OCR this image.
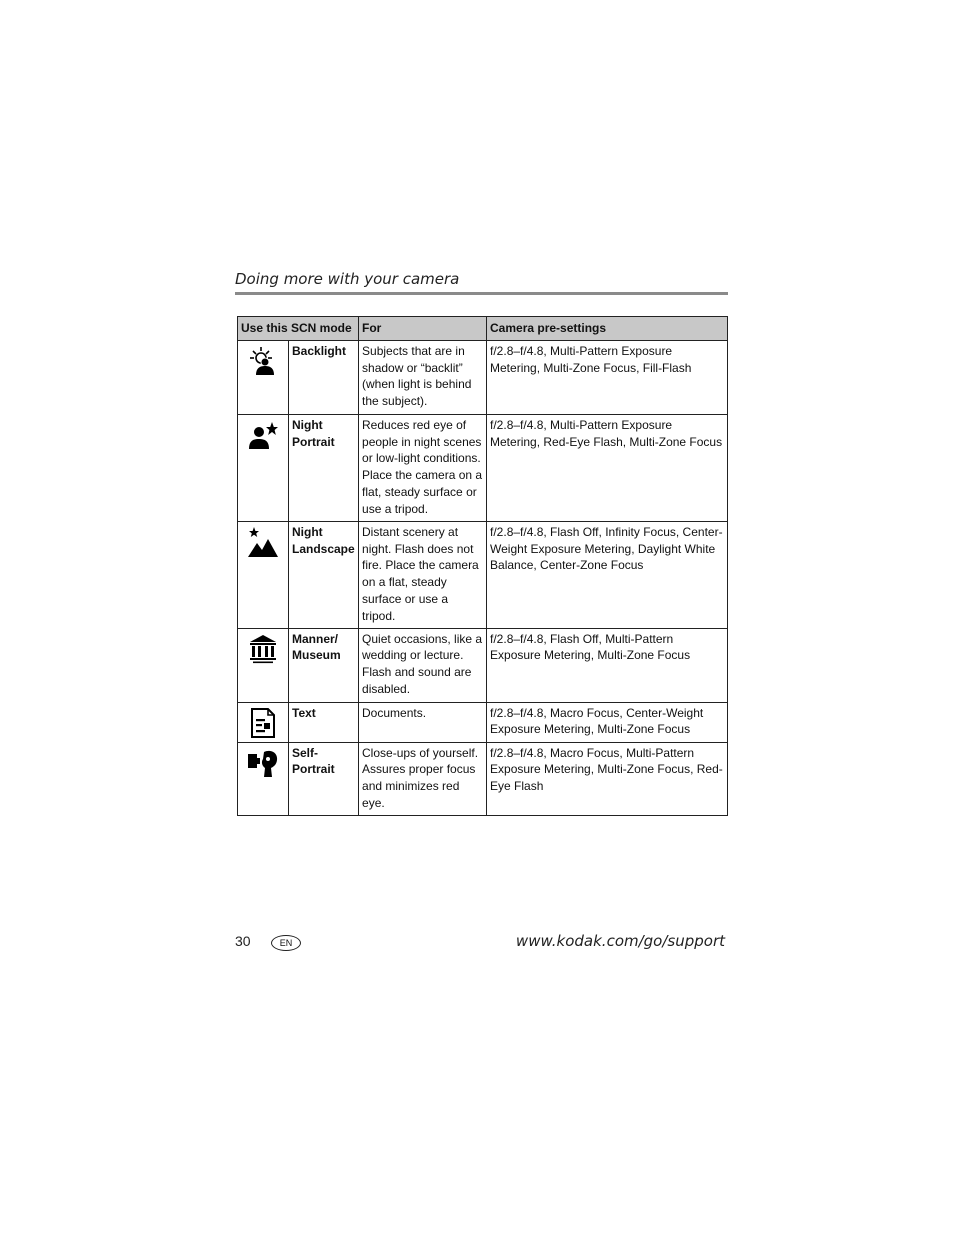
Doing more with your camera
Use this SCN mode		For	Camera pre-settings

	Backlight	Subjects that are in shadow or “backlit” (when light is behind the subject).	f/2.8–f/4.8, Multi-Pattern Exposure Metering, Multi-Zone Focus, Fill-Flash

	Night Portrait	Reduces red eye of people in night scenes or low-light conditions. Place the camera on a flat, steady surface or use a tripod.	f/2.8–f/4.8, Multi-Pattern Exposure Metering, Red-Eye Flash, Multi-Zone Focus

	Night Landscape	Distant scenery at night. Flash does not fire. Place the camera on a flat, steady surface or use a tripod.	f/2.8–f/4.8, Flash Off, Infinity Focus, Center-Weight Exposure Metering, Daylight White Balance, Center-Zone Focus

	Manner/ Museum	Quiet occasions, like a wedding or lecture. Flash and sound are disabled.	f/2.8–f/4.8, Flash Off, Multi-Pattern Exposure Metering, Multi-Zone Focus

	Text	Documents.	f/2.8–f/4.8, Macro Focus, Center-Weight Exposure Metering, Multi-Zone Focus

	Self-Portrait	Close-ups of yourself. Assures proper focus and minimizes red eye.	f/2.8–f/4.8, Macro Focus, Multi-Pattern Exposure Metering, Multi-Zone Focus, Red-Eye Flash
30	EN	www.kodak.com/go/support
